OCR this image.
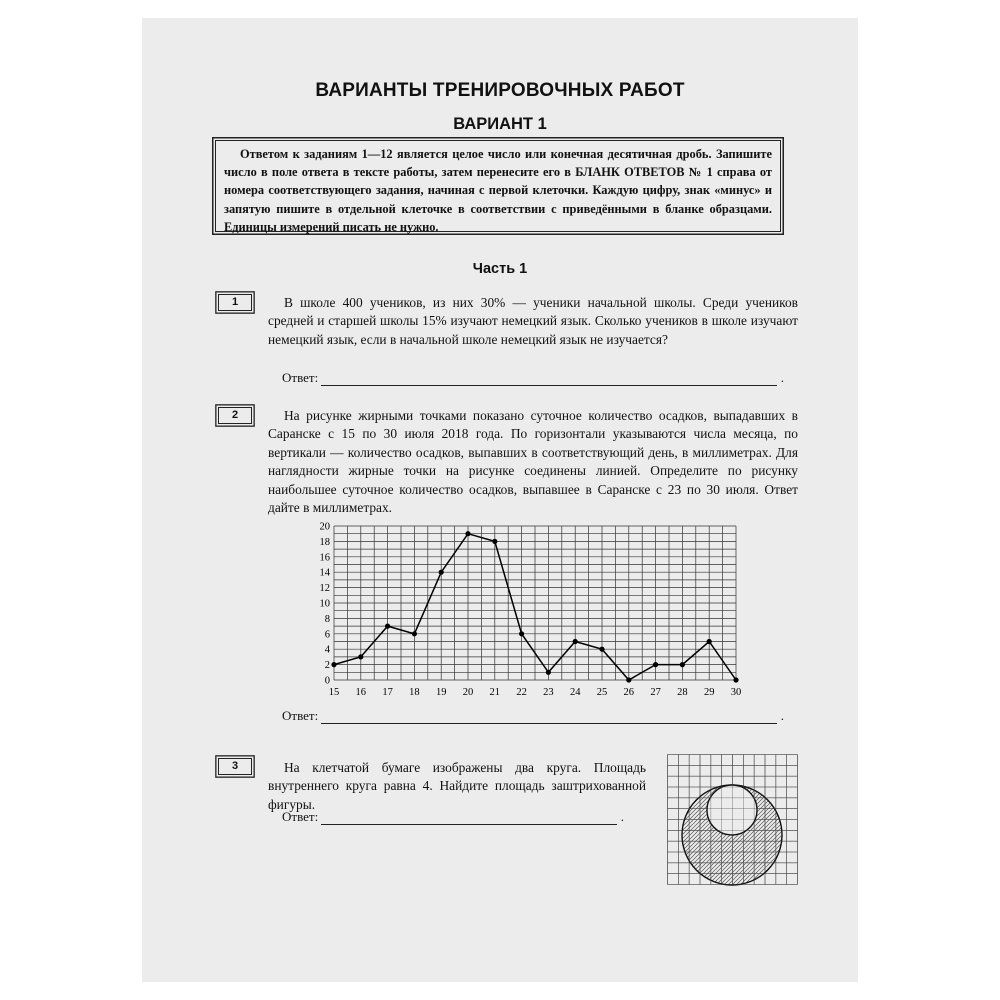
ВАРИАНТЫ ТРЕНИРОВОЧНЫХ РАБОТ
ВАРИАНТ 1
Ответом к заданиям 1—12 является целое число или конечная десятичная дробь. Запишите число в поле ответа в тексте работы, затем перенесите его в БЛАНК ОТВЕТОВ № 1 справа от номера соответствующего задания, начиная с первой клеточки. Каждую цифру, знак «минус» и запятую пишите в отдельной клеточке в соответствии с приведёнными в бланке образцами. Единицы измерений писать не нужно.
Часть 1
1	В школе 400 учеников, из них 30% — ученики начальной школы. Среди учеников средней и старшей школы 15% изучают немецкий язык. Сколько учеников в школе изучают немецкий язык, если в начальной школе немецкий язык не изучается?
Ответ:	.
2	На рисунке жирными точками показано суточное количество осадков, выпадавших в Саранске с 15 по 30 июля 2018 года. По горизонтали указываются числа месяца, по вертикали — количество осадков, выпавших в соответствующий день, в миллиметрах. Для наглядности жирные точки на рисунке соединены линией. Определите по рисунку наибольшее суточное количество осадков, выпавшее в Саранске с 23 по 30 июля. Ответ дайте в миллиметрах.
0
2
4
6
8
10
12
14
16
18
20
15 16 17 18 19 20 21 22 23 24 25 26 27 28 29 30
Ответ:	.
3	На клетчатой бумаге изображены два круга. Площадь внутреннего круга равна 4. Найдите площадь заштрихованной фигуры.
Ответ:	.
